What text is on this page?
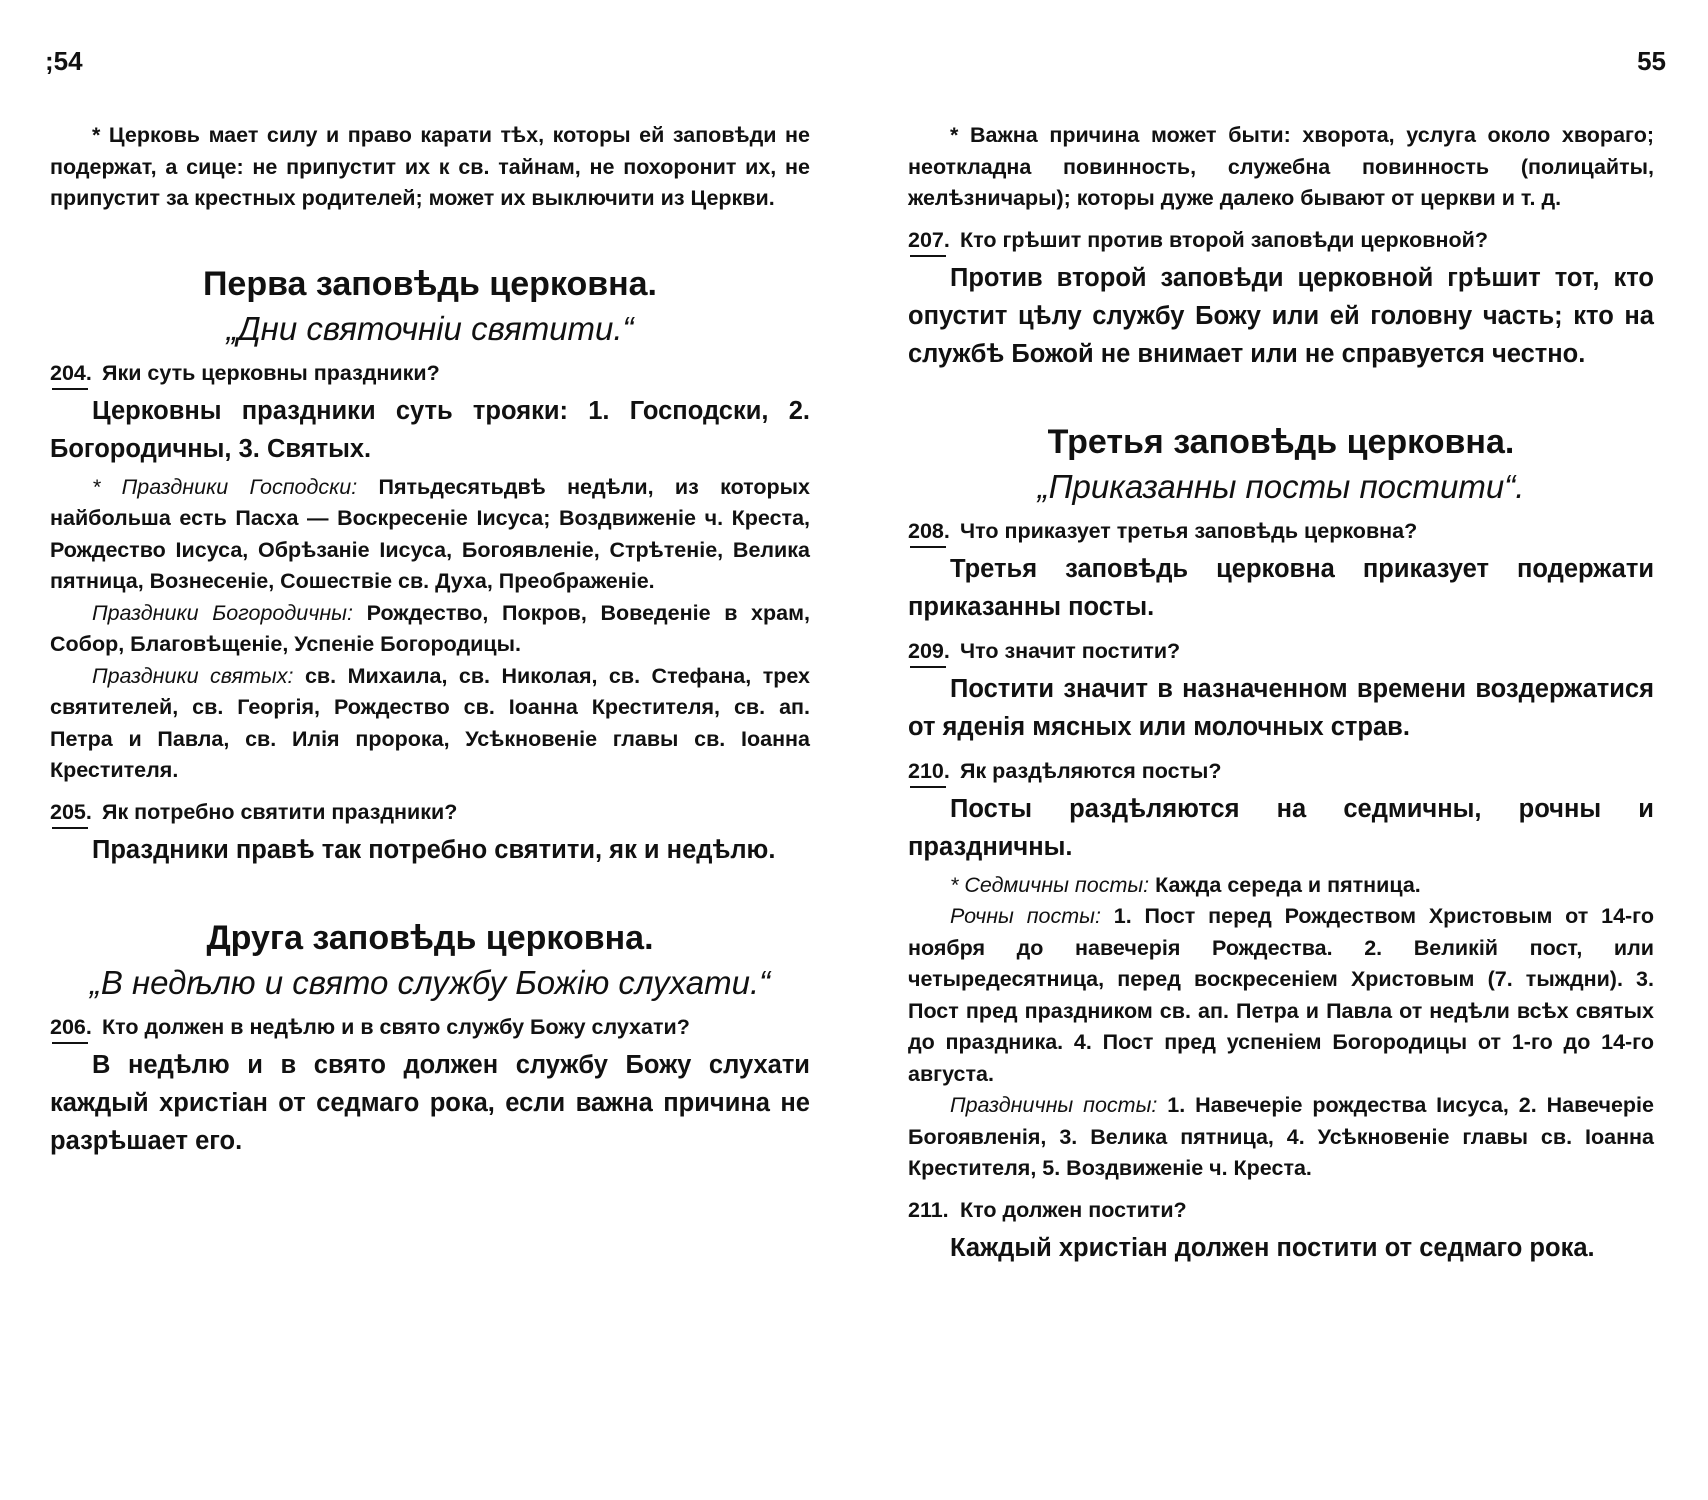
;54

* Церковь мает силу и право карати тѣх, которы ей заповѣди не подержат, а сице: не припустит их к св. тайнам, не похоронит их, не припустит за крестных родителей; может их выключити из Церкви.

Перва заповѣдь церковна.
„Дни святочніи святити.“
204. Яки суть церковны праздники?

Церковны праздники суть трояки: 1. Господски, 2. Богородичны, 3. Святых.

* Праздники Господски: Пятьдесятьдвѣ недѣли, из которых найбольша есть Пасха — Воскресеніе Іисуса; Воздвиженіе ч. Креста, Рождество Іисуса, Обрѣзаніе Іисуса, Богоявленіе, Стрѣтеніе, Велика пятница, Вознесеніе, Сошествіе св. Духа, Преображеніе.

Праздники Богородичны: Рождество, Покров, Воведеніе в храм, Собор, Благовѣщеніе, Успеніе Богородицы.

Праздники святых: св. Михаила, св. Николая, св. Стефана, трех святителей, св. Георгія, Рождество св. Іоанна Крестителя, св. ап. Петра и Павла, св. Илія пророка, Усѣкновеніе главы св. Іоанна Крестителя.

205. Як потребно святити праздники?

Праздники правѣ так потребно святити, як и недѣлю.

Друга заповѣдь церковна.
„В недѣлю и свято службу Божію слухати.“
206. Кто должен в недѣлю и в свято службу Божу слухати?

В недѣлю и в свято должен службу Божу слухати каждый христіан от седмаго рока, если важна причина не разрѣшает его.

55

* Важна причина может быти: хворота, услуга около хвораго; неоткладна повинность, служебна повинность (полицайты, желѣзничары); которы дуже далеко бывают от церкви и т. д.

207. Кто грѣшит против второй заповѣди церковной?

Против второй заповѣди церковной грѣшит тот, кто опустит цѣлу службу Божу или ей головну часть; кто на службѣ Божой не внимает или не справуется честно.

Третья заповѣдь церковна.
„Приказанны посты постити“.
208. Что приказует третья заповѣдь церковна?

Третья заповѣдь церковна приказует подержати приказанны посты.

209. Что значит постити?

Постити значит в назначенном времени воздержатися от яденія мясных или молочных страв.

210. Як раздѣляются посты?

Посты раздѣляются на седмичны, рочны и праздничны.

* Седмичны посты: Кажда середа и пятница.

Рочны посты: 1. Пост перед Рождеством Христовым от 14-го ноября до навечерія Рождества. 2. Великій пост, или четыредесятница, перед воскресеніем Христовым (7. тыждни). 3. Пост пред праздником св. ап. Петра и Павла от недѣли всѣх святых до праздника. 4. Пост пред успеніем Богородицы от 1-го до 14-го августа.

Праздничны посты: 1. Навечеріе рождества Іисуса, 2. Навечеріе Богоявленія, 3. Велика пятница, 4. Усѣкновеніе главы св. Іоанна Крестителя, 5. Воздвиженіе ч. Креста.

211. Кто должен постити?

Каждый христіан должен постити от седмаго рока.
